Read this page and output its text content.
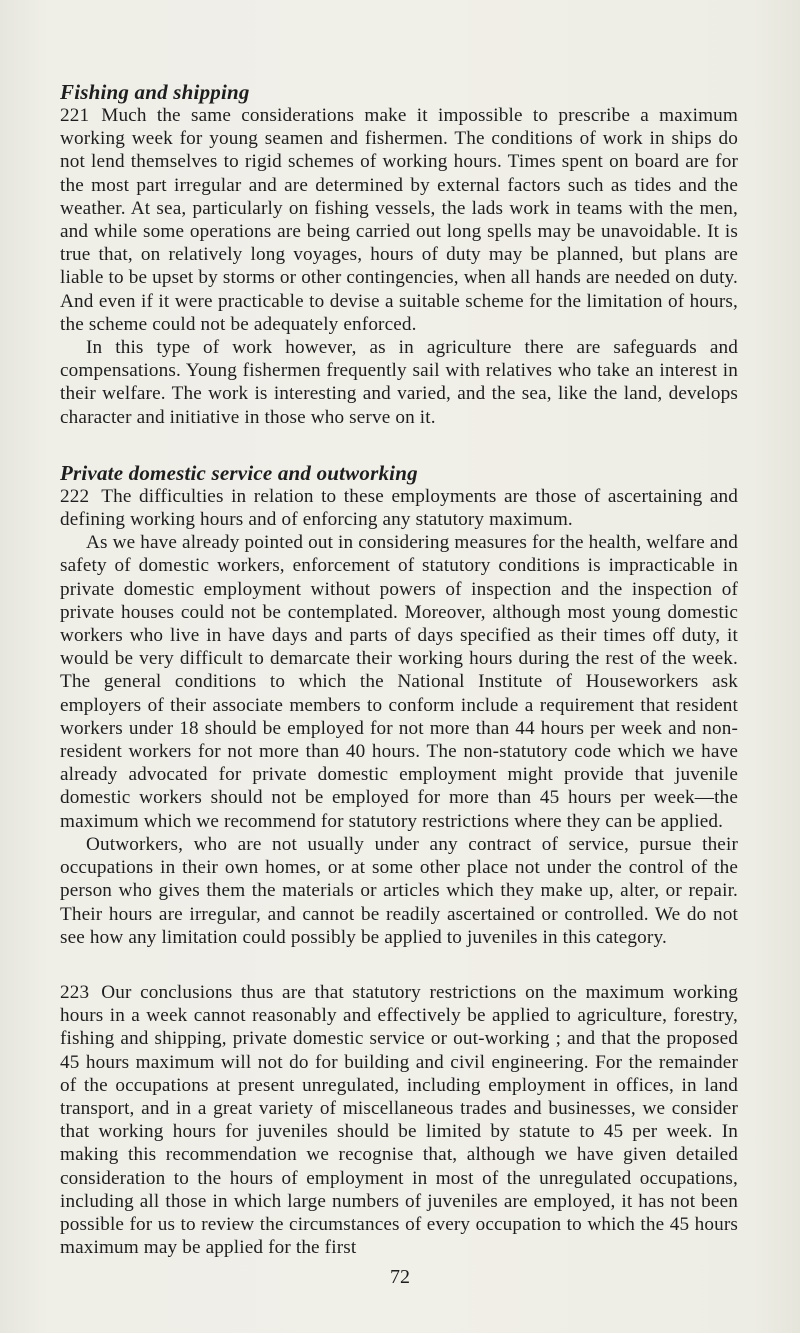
Fishing and shipping

221 Much the same considerations make it impossible to prescribe a maximum working week for young seamen and fishermen. The conditions of work in ships do not lend themselves to rigid schemes of working hours. Times spent on board are for the most part irregular and are determined by external factors such as tides and the weather. At sea, particularly on fishing vessels, the lads work in teams with the men, and while some operations are being carried out long spells may be unavoidable. It is true that, on relatively long voyages, hours of duty may be planned, but plans are liable to be upset by storms or other contingencies, when all hands are needed on duty. And even if it were practicable to devise a suitable scheme for the limitation of hours, the scheme could not be adequately enforced.

In this type of work however, as in agriculture there are safeguards and compensations. Young fishermen frequently sail with relatives who take an interest in their welfare. The work is interesting and varied, and the sea, like the land, develops character and initiative in those who serve on it.

Private domestic service and outworking

222 The difficulties in relation to these employments are those of ascertaining and defining working hours and of enforcing any statutory maximum.

As we have already pointed out in considering measures for the health, welfare and safety of domestic workers, enforcement of statutory conditions is impracticable in private domestic employment without powers of inspection and the inspection of private houses could not be contemplated. Moreover, although most young domestic workers who live in have days and parts of days specified as their times off duty, it would be very difficult to demarcate their working hours during the rest of the week. The general conditions to which the National Institute of Houseworkers ask employers of their associate members to conform include a requirement that resident workers under 18 should be employed for not more than 44 hours per week and non-resident workers for not more than 40 hours. The non-statutory code which we have already advocated for private domestic employment might provide that juvenile domestic workers should not be employed for more than 45 hours per week—the maximum which we recommend for statutory restrictions where they can be applied.

Outworkers, who are not usually under any contract of service, pursue their occupations in their own homes, or at some other place not under the control of the person who gives them the materials or articles which they make up, alter, or repair. Their hours are irregular, and cannot be readily ascertained or controlled. We do not see how any limitation could possibly be applied to juveniles in this category.

223 Our conclusions thus are that statutory restrictions on the maximum working hours in a week cannot reasonably and effectively be applied to agriculture, forestry, fishing and shipping, private domestic service or out-working ; and that the proposed 45 hours maximum will not do for building and civil engineering. For the remainder of the occupations at present unregulated, including employment in offices, in land transport, and in a great variety of miscellaneous trades and businesses, we consider that working hours for juveniles should be limited by statute to 45 per week. In making this recommendation we recognise that, although we have given detailed consideration to the hours of employment in most of the unregulated occupations, including all those in which large numbers of juveniles are employed, it has not been possible for us to review the circumstances of every occupation to which the 45 hours maximum may be applied for the first

72
